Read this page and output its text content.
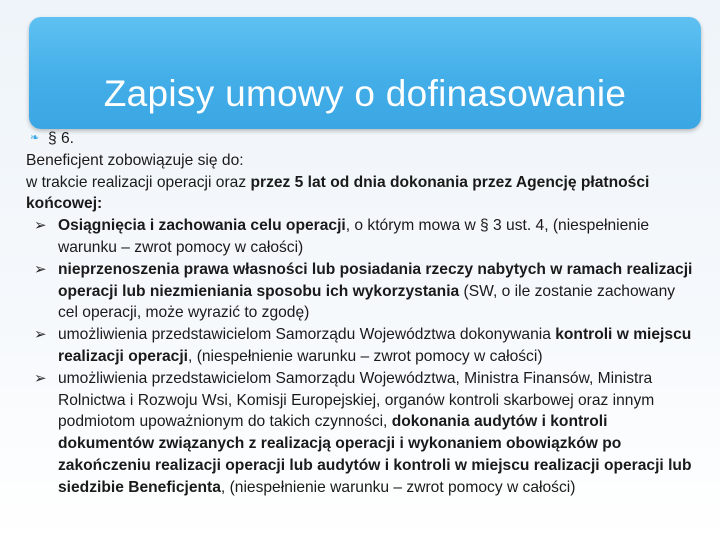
Zapisy umowy o dofinasowanie
❧ § 6.
Beneficjent zobowiązuje się do:
w trakcie realizacji operacji oraz przez 5 lat od dnia dokonania przez Agencję płatności końcowej:
➢ Osiągnięcia i zachowania celu operacji, o którym mowa w § 3 ust. 4, (niespełnienie warunku – zwrot pomocy w całości)
➢ nieprzenoszenia prawa własności lub posiadania rzeczy nabytych w ramach realizacji operacji lub niezmieniania sposobu ich wykorzystania (SW, o ile zostanie zachowany cel operacji, może wyrazić to zgodę)
➢ umożliwienia przedstawicielom Samorządu Województwa dokonywania kontroli w miejscu realizacji operacji, (niespełnienie warunku – zwrot pomocy w całości)
➢ umożliwienia przedstawicielom Samorządu Województwa, Ministra Finansów, Ministra Rolnictwa i Rozwoju Wsi, Komisji Europejskiej, organów kontroli skarbowej oraz innym podmiotom upoważnionym do takich czynności, dokonania audytów i kontroli dokumentów związanych z realizacją operacji i wykonaniem obowiązków po zakończeniu realizacji operacji lub audytów i kontroli w miejscu realizacji operacji lub siedzibie Beneficjenta, (niespełnienie warunku – zwrot pomocy w całości)
